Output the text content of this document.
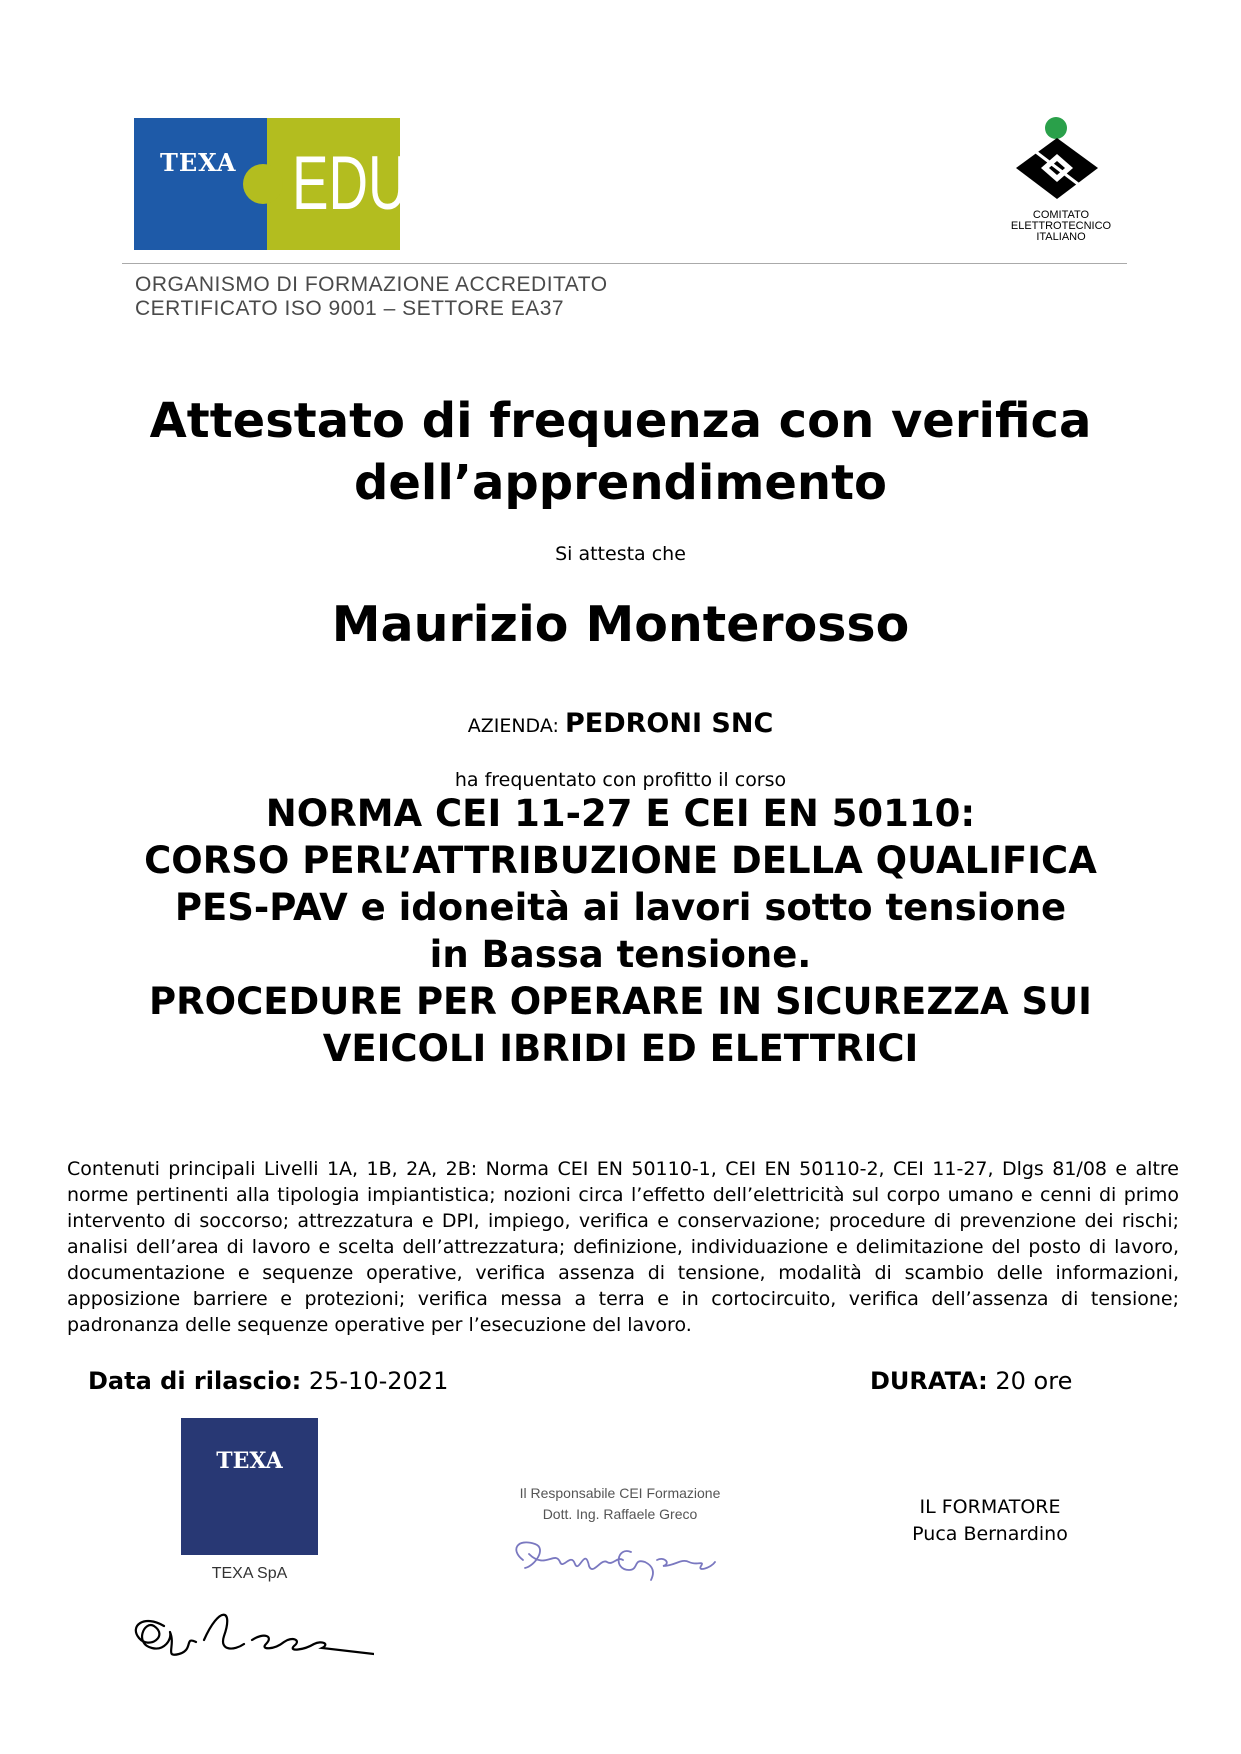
TEXA EDU	COMITATO
ELETTROTECNICO
ITALIANO
ORGANISMO DI FORMAZIONE ACCREDITATO
CERTIFICATO ISO 9001 – SETTORE EA37
Attestato di frequenza con verifica
dell’apprendimento
Si attesta che
Maurizio Monterosso
AZIENDA: PEDRONI SNC
ha frequentato con profitto il corso
NORMA CEI 11-27 E CEI EN 50110:
CORSO PERL’ATTRIBUZIONE DELLA QUALIFICA
PES-PAV e idoneità ai lavori sotto tensione
in Bassa tensione.
PROCEDURE PER OPERARE IN SICUREZZA SUI
VEICOLI IBRIDI ED ELETTRICI
Contenuti principali Livelli 1A, 1B, 2A, 2B: Norma CEI EN 50110-1, CEI EN 50110-2, CEI 11-27, Dlgs 81/08 e altre norme pertinenti alla tipologia impiantistica; nozioni circa l’effetto dell’elettricità sul corpo umano e cenni di primo intervento di soccorso; attrezzatura e DPI, impiego, verifica e conservazione; procedure di prevenzione dei rischi; analisi dell’area di lavoro e scelta dell’attrezzatura; definizione, individuazione e delimitazione del posto di lavoro, documentazione e sequenze operative, verifica assenza di tensione, modalità di scambio delle informazioni, apposizione barriere e protezioni; verifica messa a terra e in cortocircuito, verifica dell’assenza di tensione; padronanza delle sequenze operative per l’esecuzione del lavoro.
Data di rilascio: 25-10-2021	DURATA: 20 ore
TEXA
TEXA SpA
Il Responsabile CEI Formazione
Dott. Ing. Raffaele Greco	IL FORMATORE
Puca Bernardino
